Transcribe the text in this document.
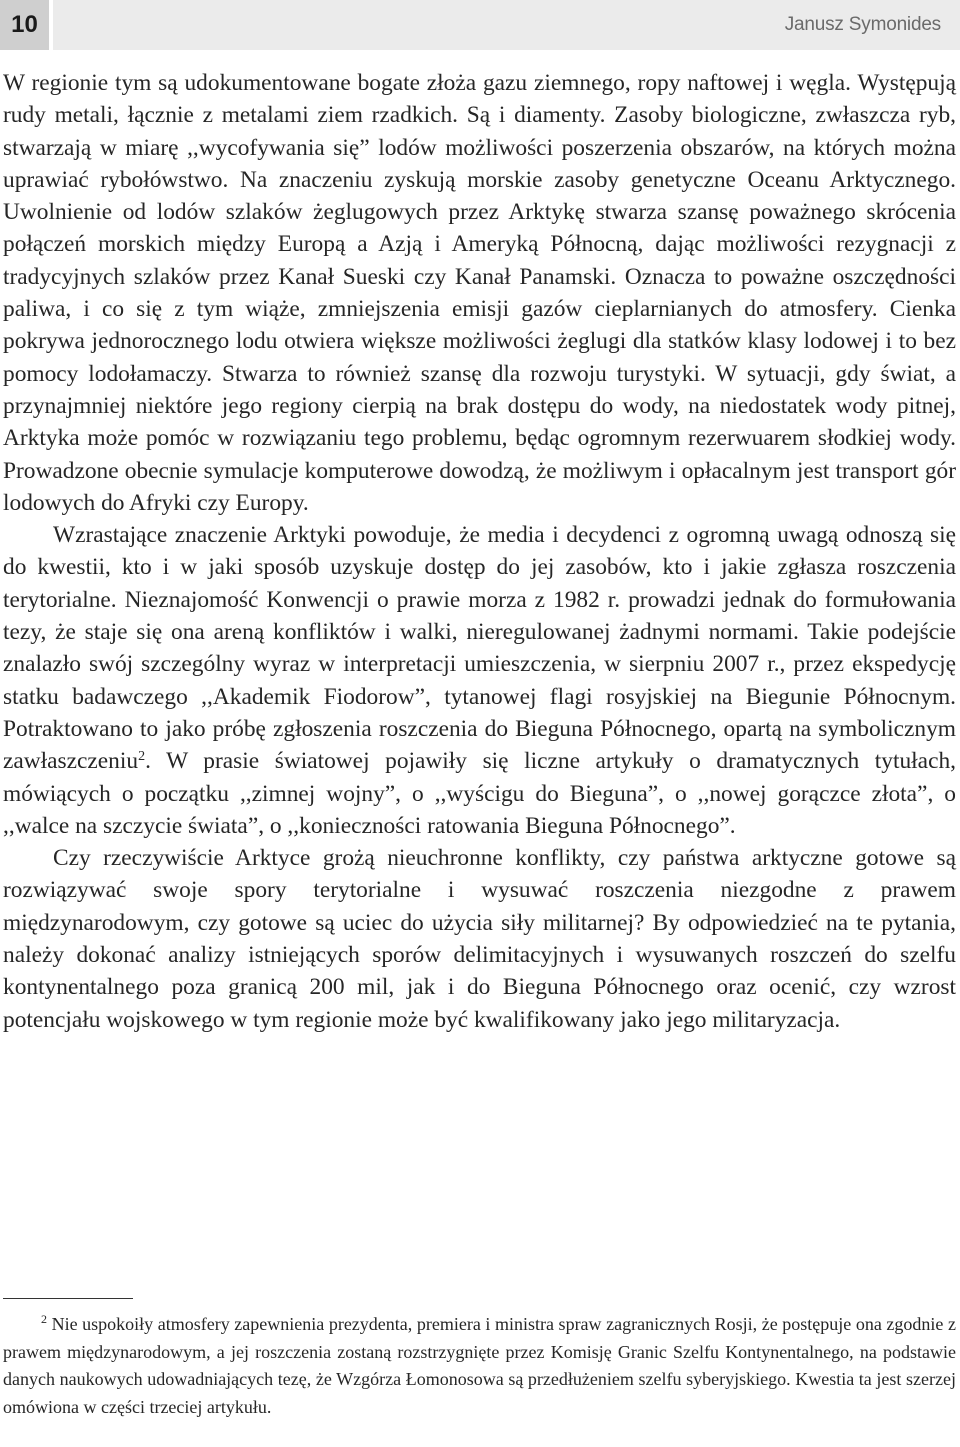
10	Janusz Symonides

W regionie tym są udokumentowane bogate złoża gazu ziemnego, ropy naftowej i węgla. Występują rudy metali, łącznie z metalami ziem rzadkich. Są i diamenty. Zasoby biologiczne, zwłaszcza ryb, stwarzają w miarę ,,wycofywania się” lodów możliwości poszerzenia obszarów, na których można uprawiać rybołówstwo. Na znaczeniu zyskują morskie zasoby genetyczne Oceanu Arktycznego. Uwolnienie od lodów szlaków żeglugowych przez Arktykę stwarza szansę poważnego skrócenia połączeń morskich między Europą a Azją i Ameryką Północną, dając możliwości rezygnacji z tradycyjnych szlaków przez Kanał Sueski czy Kanał Panamski. Oznacza to poważne oszczędności paliwa, i co się z tym wiąże, zmniejszenia emisji gazów cieplarnianych do atmosfery. Cienka pokrywa jednorocznego lodu otwiera większe możliwości żeglugi dla statków klasy lodowej i to bez pomocy lodołamaczy. Stwarza to również szansę dla rozwoju turystyki. W sytuacji, gdy świat, a przynajmniej niektóre jego regiony cierpią na brak dostępu do wody, na niedostatek wody pitnej, Arktyka może pomóc w rozwiązaniu tego problemu, będąc ogromnym rezerwuarem słodkiej wody. Prowadzone obecnie symulacje komputerowe dowodzą, że możliwym i opłacalnym jest transport gór lodowych do Afryki czy Europy.

Wzrastające znaczenie Arktyki powoduje, że media i decydenci z ogromną uwagą odnoszą się do kwestii, kto i w jaki sposób uzyskuje dostęp do jej zasobów, kto i jakie zgłasza roszczenia terytorialne. Nieznajomość Konwencji o prawie morza z 1982 r. prowadzi jednak do formułowania tezy, że staje się ona areną konfliktów i walki, nieregulowanej żadnymi normami. Takie podejście znalazło swój szczególny wyraz w interpretacji umieszczenia, w sierpniu 2007 r., przez ekspedycję statku badawczego ,,Akademik Fiodorow”, tytanowej flagi rosyjskiej na Biegunie Północnym. Potraktowano to jako próbę zgłoszenia roszczenia do Bieguna Północnego, opartą na symbolicznym zawłaszczeniu$^2$. W prasie światowej pojawiły się liczne artykuły o dramatycznych tytułach, mówiących o początku ,,zimnej wojny”, o ,,wyścigu do Bieguna”, o ,,nowej gorączce złota”, o ,,walce na szczycie świata”, o ,,konieczności ratowania Bieguna Północnego”.

Czy rzeczywiście Arktyce grożą nieuchronne konflikty, czy państwa arktyczne gotowe są rozwiązywać swoje spory terytorialne i wysuwać roszczenia niezgodne z prawem międzynarodowym, czy gotowe są uciec do użycia siły militarnej? By odpowiedzieć na te pytania, należy dokonać analizy istniejących sporów delimitacyjnych i wysuwanych roszczeń do szelfu kontynentalnego poza granicą 200 mil, jak i do Bieguna Północnego oraz ocenić, czy wzrost potencjału wojskowego w tym regionie może być kwalifikowany jako jego militaryzacja.

$^2$ Nie uspokoiły atmosfery zapewnienia prezydenta, premiera i ministra spraw zagranicznych Rosji, że postępuje ona zgodnie z prawem międzynarodowym, a jej roszczenia zostaną rozstrzygnięte przez Komisję Granic Szelfu Kontynentalnego, na podstawie danych naukowych udowadniających tezę, że Wzgórza Łomonosowa są przedłużeniem szelfu syberyjskiego. Kwestia ta jest szerzej omówiona w części trzeciej artykułu.
